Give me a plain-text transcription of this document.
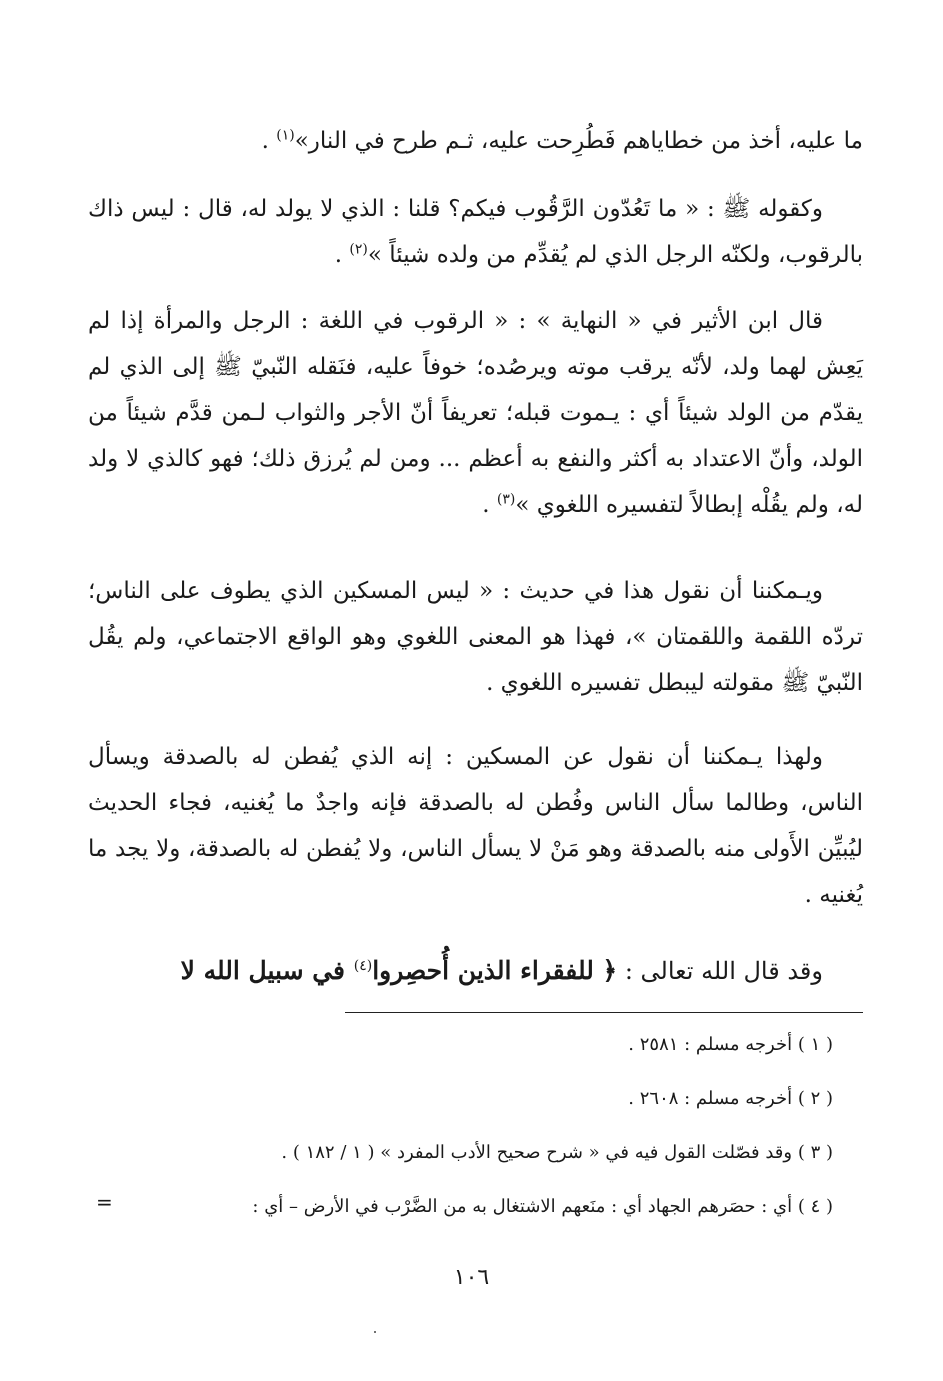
ما عليه، أخذ من خطاياهم فَطُرِحت عليه، ثـم طرح في النار»$^{(١)}$ .

وكقوله ﷺ : « ما تَعُدّون الرَّقُوب فيكم؟ قلنا : الذي لا يولد له، قال : ليس ذاك بالرقوب، ولكنّه الرجل الذي لم يُقدِّم من ولده شيئاً »$^{(٢)}$ .

قال ابن الأثير في « النهاية » : « الرقوب في اللغة : الرجل والمرأة إذا لم يَعِش لهما ولد، لأنّه يرقب موته ويرصُده؛ خوفاً عليه، فنَقله النّبيّ ﷺ إلى الذي لم يقدّم من الولد شيئاً أي : يـموت قبله؛ تعريفاً أنّ الأجر والثواب لـمن قدَّم شيئاً من الولد، وأنّ الاعتداد به أكثر والنفع به أعظم ... ومن لم يُرزق ذلك؛ فهو كالذي لا ولد له، ولم يقُلْه إبطالاً لتفسيره اللغوي »$^{(٣)}$ .

ويـمكننا أن نقول هذا في حديث : « ليس المسكين الذي يطوف على الناس؛ تردّه اللقمة واللقمتان »، فهذا هو المعنى اللغوي وهو الواقع الاجتماعي، ولم يقُل النّبيّ ﷺ مقولته ليبطل تفسيره اللغوي .

ولهذا يـمكننا أن نقول عن المسكين : إنه الذي يُفطن له بالصدقة ويسأل الناس، وطالما سأل الناس وفُطن له بالصدقة فإنه واجدٌ ما يُغنيه، فجاء الحديث ليُبيِّن الأَولى منه بالصدقة وهو مَنْ لا يسأل الناس، ولا يُفطن له بالصدقة، ولا يجد ما يُغنيه .

وقد قال الله تعالى : ﴿ للفقراء الذين أُحصِروا$^{(٤)}$ في سبيل الله لا

( ١ ) أخرجه مسلم : ٢٥٨١ .

( ٢ ) أخرجه مسلم : ٢٦٠٨ .

( ٣ ) وقد فصّلت القول فيه في « شرح صحيح الأدب المفرد » ( ١ / ١٨٢ ) .

( ٤ ) أي : حصَرهم الجهاد أي : منَعهم الاشتغال به من الضَّرْب في الأرض – أي :

=
١٠٦
